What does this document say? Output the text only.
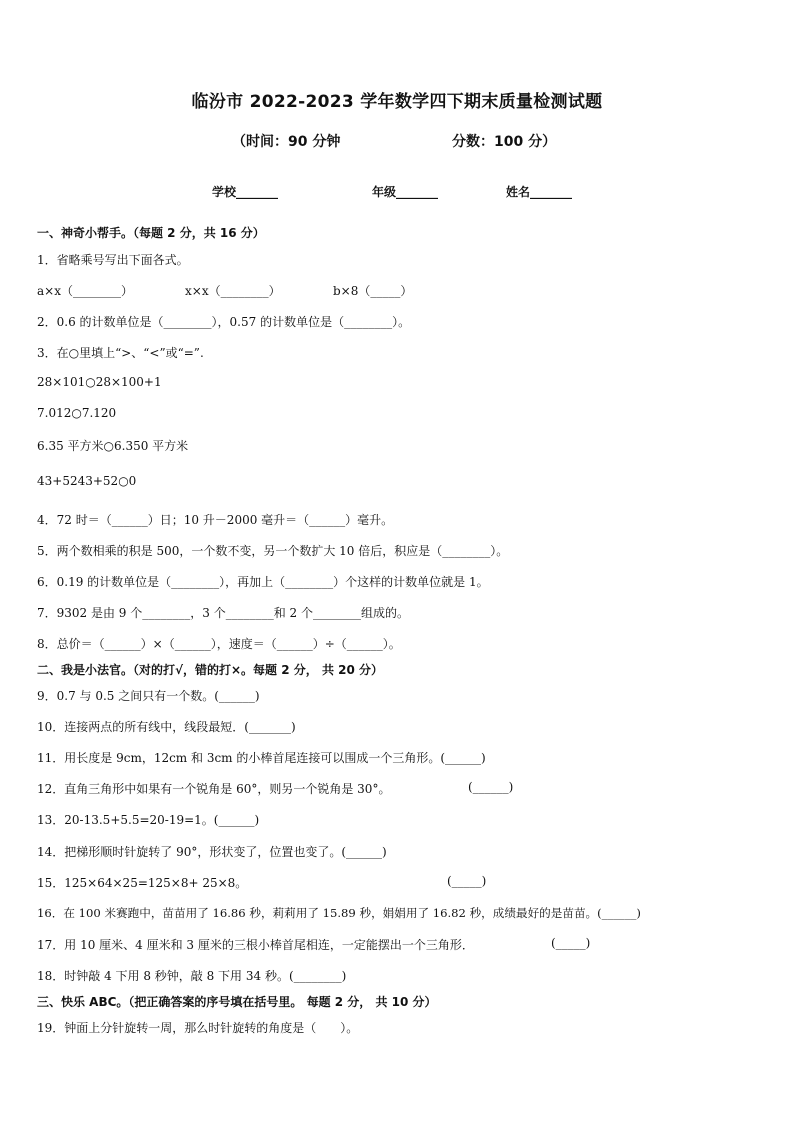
临汾市 2022-2023 学年数学四下期末质量检测试题
（时间：90 分钟	分数：100 分）
学校_______	年级_______	姓名_______
一、神奇小帮手。（每题 2 分，共 16 分）
1．省略乘号写出下面各式。
a×x（________）	x×x（________）	b×8（_____）
2．0.6 的计数单位是（________），0.57 的计数单位是（________）。
3．在○里填上“>、“<”或“=”.
28×101○28×100+1
7.012○7.120
6.35 平方米○6.350 平方米
43+5243+52○0
4．72 时＝（______）日；10 升－2000 毫升＝（______）毫升。
5．两个数相乘的积是 500，一个数不变，另一个数扩大 10 倍后，积应是（________）。
6．0.19 的计数单位是（________），再加上（________）个这样的计数单位就是 1。
7．9302 是由 9 个________，3 个________和 2 个________组成的。
8．总价＝（______）×（______），速度＝（______）÷（______）。
二、我是小法官。（对的打√，错的打×。每题 2 分， 共 20 分）
9．0.7 与 0.5 之间只有一个数。(______)
10．连接两点的所有线中，线段最短．(_______)
11．用长度是 9cm，12cm 和 3cm 的小棒首尾连接可以围成一个三角形。(______)
12．直角三角形中如果有一个锐角是 60°，则另一个锐角是 30°。	(______)
13．20-13.5+5.5=20-19=1。(______)
14．把梯形顺时针旋转了 90°，形状变了，位置也变了。(______)
15．125×64×25=125×8+ 25×8。	(_____)
16．在 100 米赛跑中，苗苗用了 16.86 秒，莉莉用了 15.89 秒，娟娟用了 16.82 秒，成绩最好的是苗苗。(______)
17．用 10 厘米、4 厘米和 3 厘米的三根小棒首尾相连，一定能摆出一个三角形．	(_____)
18．时钟敲 4 下用 8 秒钟，敲 8 下用 34 秒。(________)
三、快乐 ABC。（把正确答案的序号填在括号里。 每题 2 分， 共 10 分）
19．钟面上分针旋转一周，那么时针旋转的角度是（　　）。
